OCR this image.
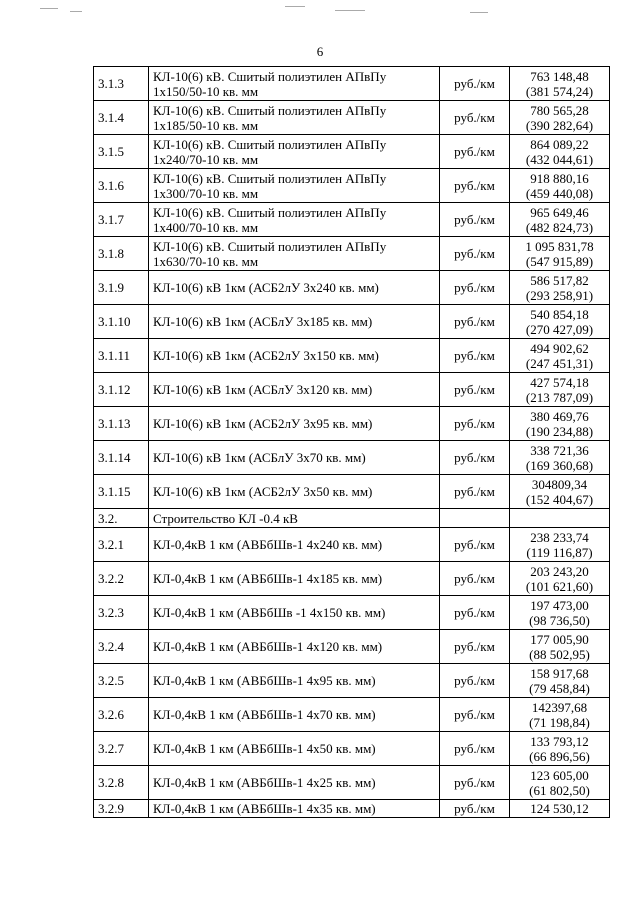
6
3.1.3	КЛ-10(6) кВ. Сшитый полиэтилен АПвПу
1х150/50-10 кв. мм	руб./км	763 148,48
(381 574,24)

3.1.4	КЛ-10(6) кВ. Сшитый полиэтилен АПвПу
1х185/50-10 кв. мм	руб./км	780 565,28
(390 282,64)

3.1.5	КЛ-10(6) кВ. Сшитый полиэтилен АПвПу
1х240/70-10 кв. мм	руб./км	864 089,22
(432 044,61)

3.1.6	КЛ-10(6) кВ. Сшитый полиэтилен АПвПу
1х300/70-10 кв. мм	руб./км	918 880,16
(459 440,08)

3.1.7	КЛ-10(6) кВ. Сшитый полиэтилен АПвПу
1х400/70-10 кв. мм	руб./км	965 649,46
(482 824,73)

3.1.8	КЛ-10(6) кВ. Сшитый полиэтилен АПвПу
1х630/70-10 кв. мм	руб./км	1 095 831,78
(547 915,89)

3.1.9	КЛ-10(6) кВ 1км (АСБ2лУ 3х240 кв. мм)	руб./км	586 517,82
(293 258,91)

3.1.10	КЛ-10(6) кВ 1км (АСБлУ 3х185 кв. мм)	руб./км	540 854,18
(270 427,09)

3.1.11	КЛ-10(6) кВ 1км (АСБ2лУ 3х150 кв. мм)	руб./км	494 902,62
(247 451,31)

3.1.12	КЛ-10(6) кВ 1км (АСБлУ 3х120 кв. мм)	руб./км	427 574,18
(213 787,09)

3.1.13	КЛ-10(6) кВ 1км (АСБ2лУ 3х95 кв. мм)	руб./км	380 469,76
(190 234,88)

3.1.14	КЛ-10(6) кВ 1км (АСБлУ 3х70 кв. мм)	руб./км	338 721,36
(169 360,68)

3.1.15	КЛ-10(6) кВ 1км (АСБ2лУ 3х50 кв. мм)	руб./км	304809,34
(152 404,67)

3.2.	Строительство КЛ -0.4 кВ		

3.2.1	КЛ-0,4кВ 1 км (АВБбШв-1 4х240 кв. мм)	руб./км	238 233,74
(119 116,87)

3.2.2	КЛ-0,4кВ 1 км (АВБбШв-1 4х185 кв. мм)	руб./км	203 243,20
(101 621,60)

3.2.3	КЛ-0,4кВ 1 км (АВБбШв -1 4х150 кв. мм)	руб./км	197 473,00
(98 736,50)

3.2.4	КЛ-0,4кВ 1 км (АВБбШв-1 4х120 кв. мм)	руб./км	177 005,90
(88 502,95)

3.2.5	КЛ-0,4кВ 1 км (АВБбШв-1 4х95 кв. мм)	руб./км	158 917,68
(79 458,84)

3.2.6	КЛ-0,4кВ 1 км (АВБбШв-1 4х70 кв. мм)	руб./км	142397,68
(71 198,84)

3.2.7	КЛ-0,4кВ 1 км (АВБбШв-1 4х50 кв. мм)	руб./км	133 793,12
(66 896,56)

3.2.8	КЛ-0,4кВ 1 км (АВБбШв-1 4х25 кв. мм)	руб./км	123 605,00
(61 802,50)

3.2.9	КЛ-0,4кВ 1 км (АВБбШв-1 4х35 кв. мм)	руб./км	124 530,12
